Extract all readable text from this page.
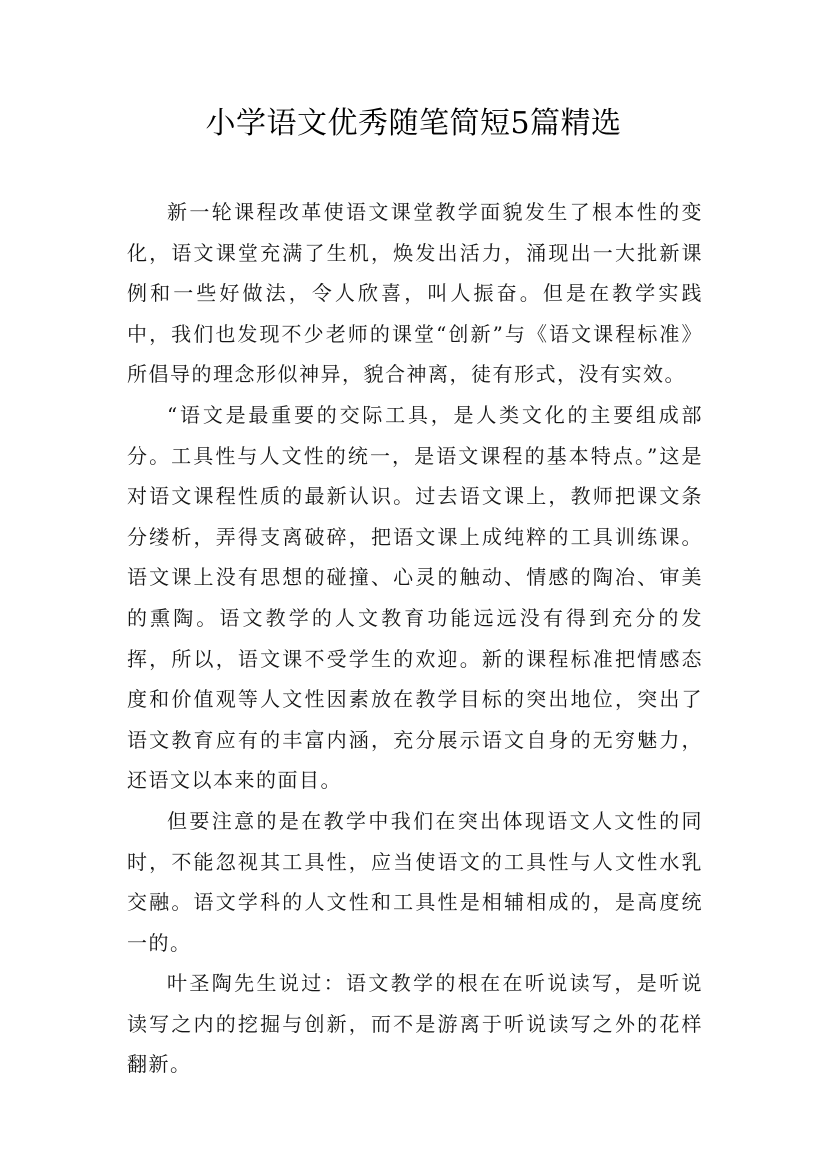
小学语文优秀随笔简短5篇精选

新一轮课程改革使语文课堂教学面貌发生了根本性的变化，语文课堂充满了生机，焕发出活力，涌现出一大批新课例和一些好做法，令人欣喜，叫人振奋。但是在教学实践中，我们也发现不少老师的课堂“创新”与《语文课程标准》所倡导的理念形似神异，貌合神离，徒有形式，没有实效。

“语文是最重要的交际工具，是人类文化的主要组成部分。工具性与人文性的统一，是语文课程的基本特点。”这是对语文课程性质的最新认识。过去语文课上，教师把课文条分缕析，弄得支离破碎，把语文课上成纯粹的工具训练课。语文课上没有思想的碰撞、心灵的触动、情感的陶冶、审美的熏陶。语文教学的人文教育功能远远没有得到充分的发挥，所以，语文课不受学生的欢迎。新的课程标准把情感态度和价值观等人文性因素放在教学目标的突出地位，突出了语文教育应有的丰富内涵，充分展示语文自身的无穷魅力，还语文以本来的面目。

但要注意的是在教学中我们在突出体现语文人文性的同时，不能忽视其工具性，应当使语文的工具性与人文性水乳交融。语文学科的人文性和工具性是相辅相成的，是高度统一的。

叶圣陶先生说过：语文教学的根在在听说读写，是听说读写之内的挖掘与创新，而不是游离于听说读写之外的花样翻新。
